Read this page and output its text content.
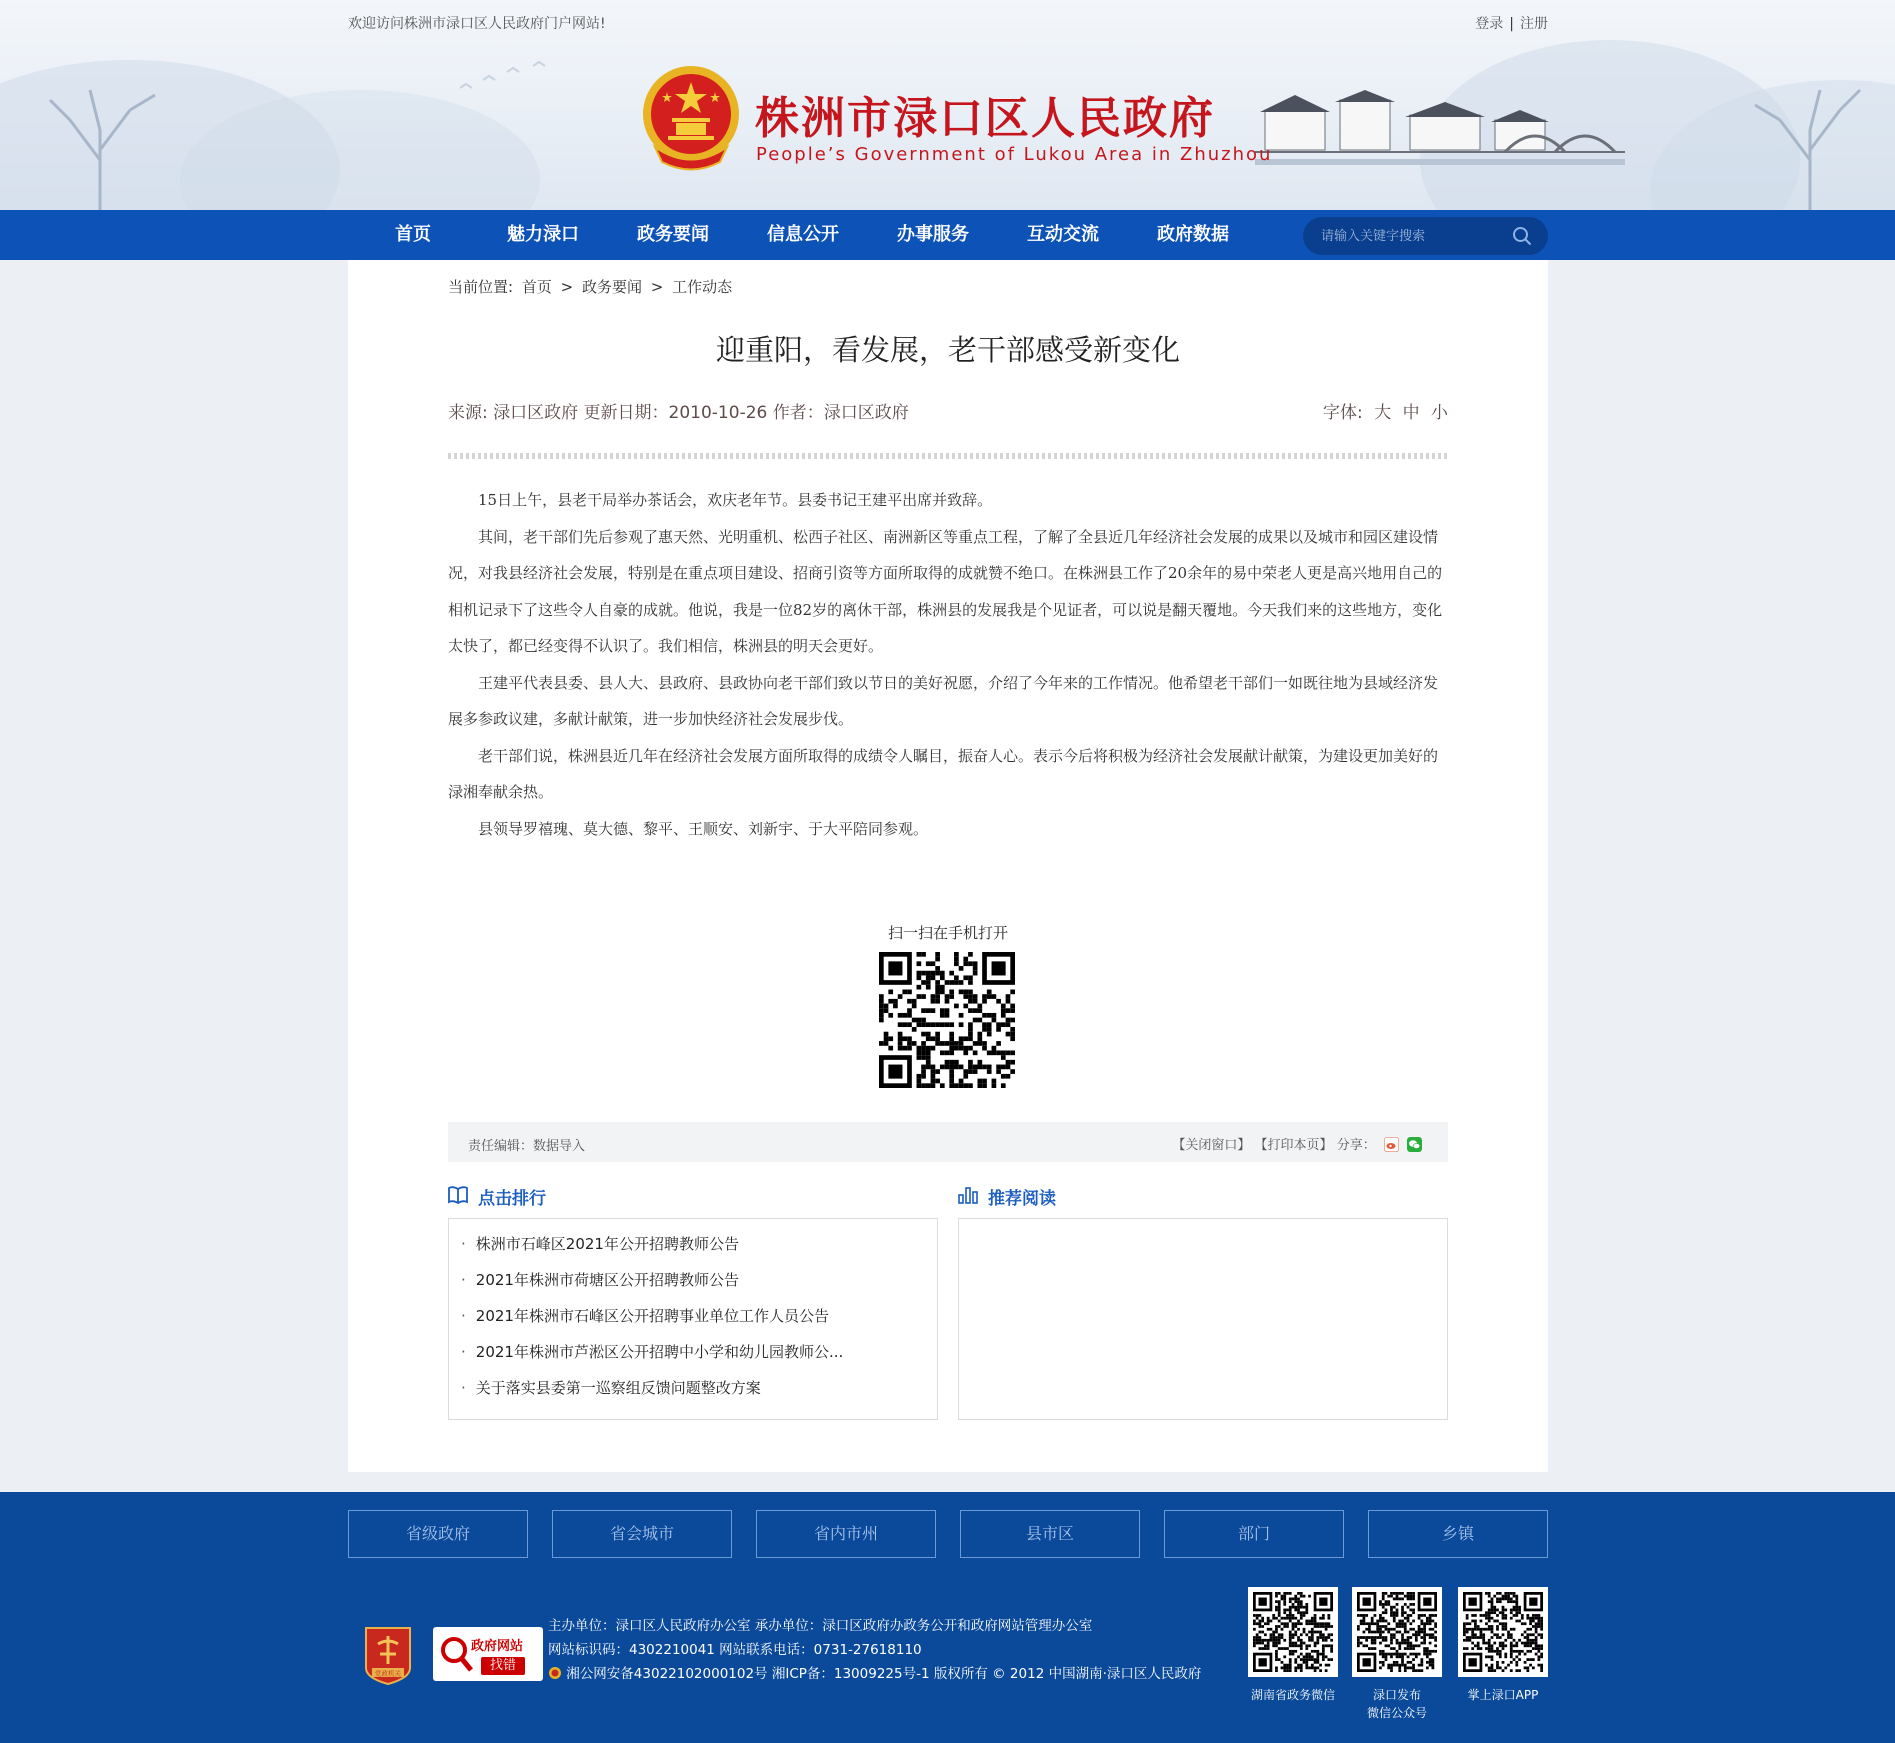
欢迎访问株洲市渌口区人民政府门户网站!	登录 | 注册
株洲市渌口区人民政府
People’s Government of Lukou Area in Zhuzhou
首页	魅力渌口	政务要闻	信息公开	办事服务	互动交流	政府数据
请输入关键字搜索
当前位置: 首页 > 政务要闻 > 工作动态
迎重阳，看发展，老干部感受新变化
来源: 渌口区政府 更新日期：2010-10-26 作者：渌口区政府	字体: 大 中 小

15日上午，县老干局举办茶话会，欢庆老年节。县委书记王建平出席并致辞。

其间，老干部们先后参观了惠天然、光明重机、松西子社区、南洲新区等重点工程，了解了全县近几年经济社会发展的成果以及城市和园区建设情况，对我县经济社会发展，特别是在重点项目建设、招商引资等方面所取得的成就赞不绝口。在株洲县工作了20余年的易中荣老人更是高兴地用自己的相机记录下了这些令人自豪的成就。他说，我是一位82岁的离休干部，株洲县的发展我是个见证者，可以说是翻天覆地。今天我们来的这些地方，变化太快了，都已经变得不认识了。我们相信，株洲县的明天会更好。

王建平代表县委、县人大、县政府、县政协向老干部们致以节日的美好祝愿，介绍了今年来的工作情况。他希望老干部们一如既往地为县域经济发展多参政议建，多献计献策，进一步加快经济社会发展步伐。

老干部们说，株洲县近几年在经济社会发展方面所取得的成绩令人瞩目，振奋人心。表示今后将积极为经济社会发展献计献策，为建设更加美好的渌湘奉献余热。

县领导罗禧瑰、莫大德、黎平、王顺安、刘新宇、于大平陪同参观。

扫一扫在手机打开
责任编辑：数据导入	【关闭窗口】 【打印本页】 分享：
点击排行	推荐阅读
· 株洲市石峰区2021年公开招聘教师公告
· 2021年株洲市荷塘区公开招聘教师公告
· 2021年株洲市石峰区公开招聘事业单位工作人员公告
· 2021年株洲市芦淞区公开招聘中小学和幼儿园教师公...
· 关于落实县委第一巡察组反馈问题整改方案
省级政府	省会城市	省内市州	县市区	部门	乡镇
党政机关
政府网站
找错
主办单位：渌口区人民政府办公室 承办单位：渌口区政府办政务公开和政府网站管理办公室
网站标识码：4302210041 网站联系电话：0731-27618110
湘公网安备43022102000102号 湘ICP备：13009225号-1 版权所有 © 2012 中国湖南·渌口区人民政府
湖南省政务微信	渌口发布
微信公众号
掌上渌口APP
